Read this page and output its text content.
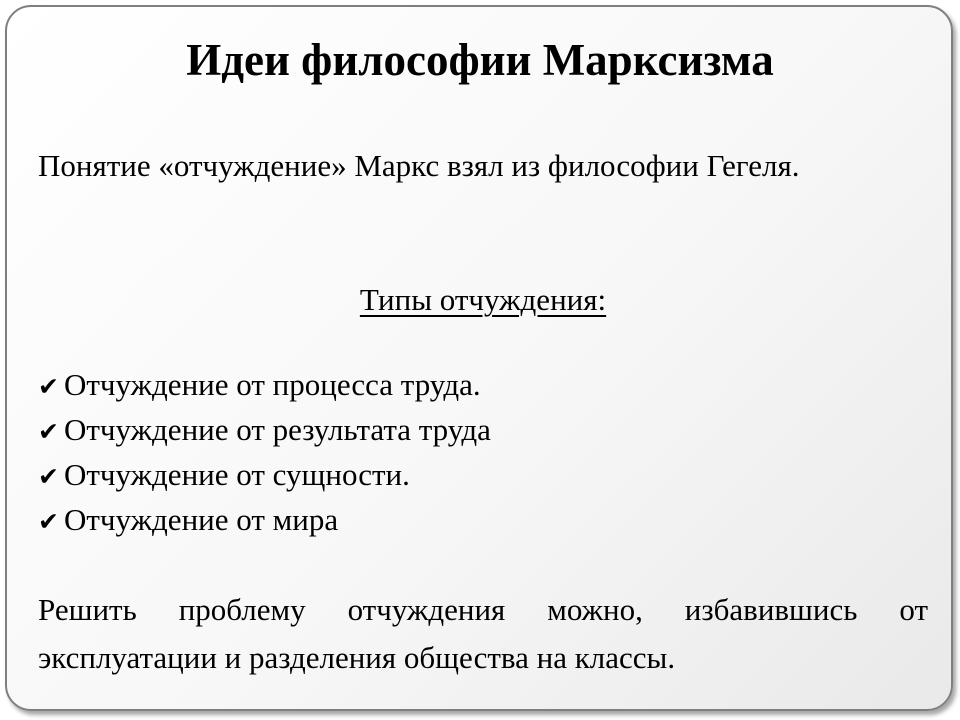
Идеи философии Марксизма

Понятие «отчуждение» Маркс взял из философии Гегеля.

Типы отчуждения:

✔ Отчуждение от процесса труда.
✔ Отчуждение от результата труда
✔ Отчуждение от сущности.
✔ Отчуждение от мира

Решить проблему отчуждения можно, избавившись от эксплуатации и разделения общества на классы.
